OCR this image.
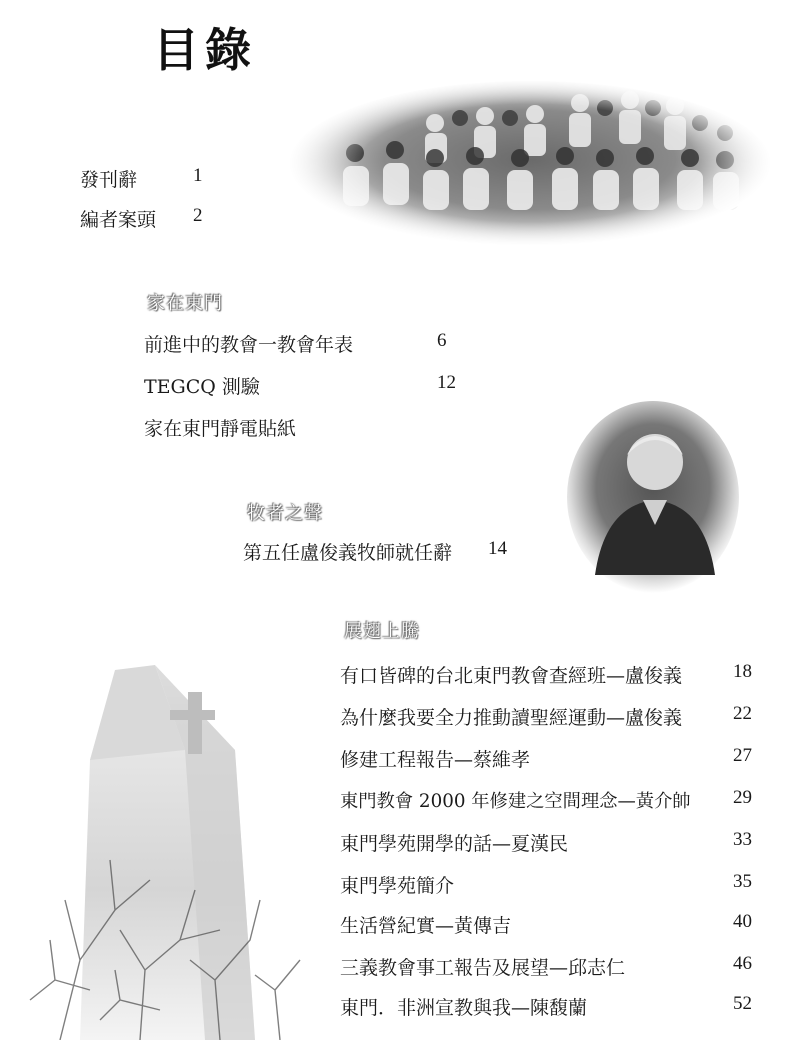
目錄
發刊辭	1
編者案頭 2
家在東門
前進中的教會一教會年表	6
TEGCQ 測驗	12
家在東門靜電貼紙
牧者之聲
第五任盧俊義牧師就任辭 14
展翅上騰
有口皆碑的台北東門教會查經班—盧俊義	18
為什麼我要全力推動讀聖經運動—盧俊義	22
修建工程報告—蔡維孝	27
東門教會 2000 年修建之空間理念—黃介帥 29
東門學苑開學的話—夏漢民	33
東門學苑簡介	35
生活營紀實—黃傳吉	40
三義教會事工報告及展望—邱志仁	46
東門．非洲宣教與我—陳馥蘭	52
